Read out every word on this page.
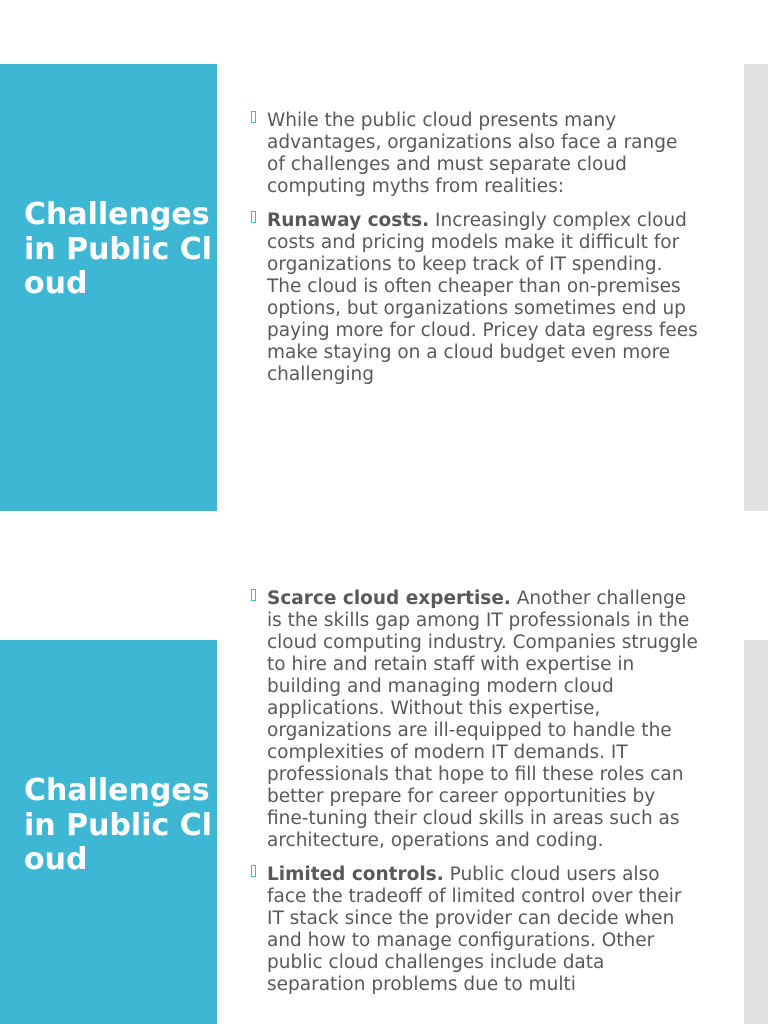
Challenges in Public Cloud
While the public cloud presents many advantages, organizations also face a range of challenges and must separate cloud computing myths from realities:
Runaway costs. Increasingly complex cloud costs and pricing models make it difficult for organizations to keep track of IT spending. The cloud is often cheaper than on-premises options, but organizations sometimes end up paying more for cloud. Pricey data egress fees make staying on a cloud budget even more challenging
Challenges in Public Cloud
Scarce cloud expertise. Another challenge is the skills gap among IT professionals in the cloud computing industry. Companies struggle to hire and retain staff with expertise in building and managing modern cloud applications. Without this expertise, organizations are ill-equipped to handle the complexities of modern IT demands. IT professionals that hope to fill these roles can better prepare for career opportunities by fine-tuning their cloud skills in areas such as architecture, operations and coding.
Limited controls. Public cloud users also face the tradeoff of limited control over their IT stack since the provider can decide when and how to manage configurations. Other public cloud challenges include data separation problems due to multi
